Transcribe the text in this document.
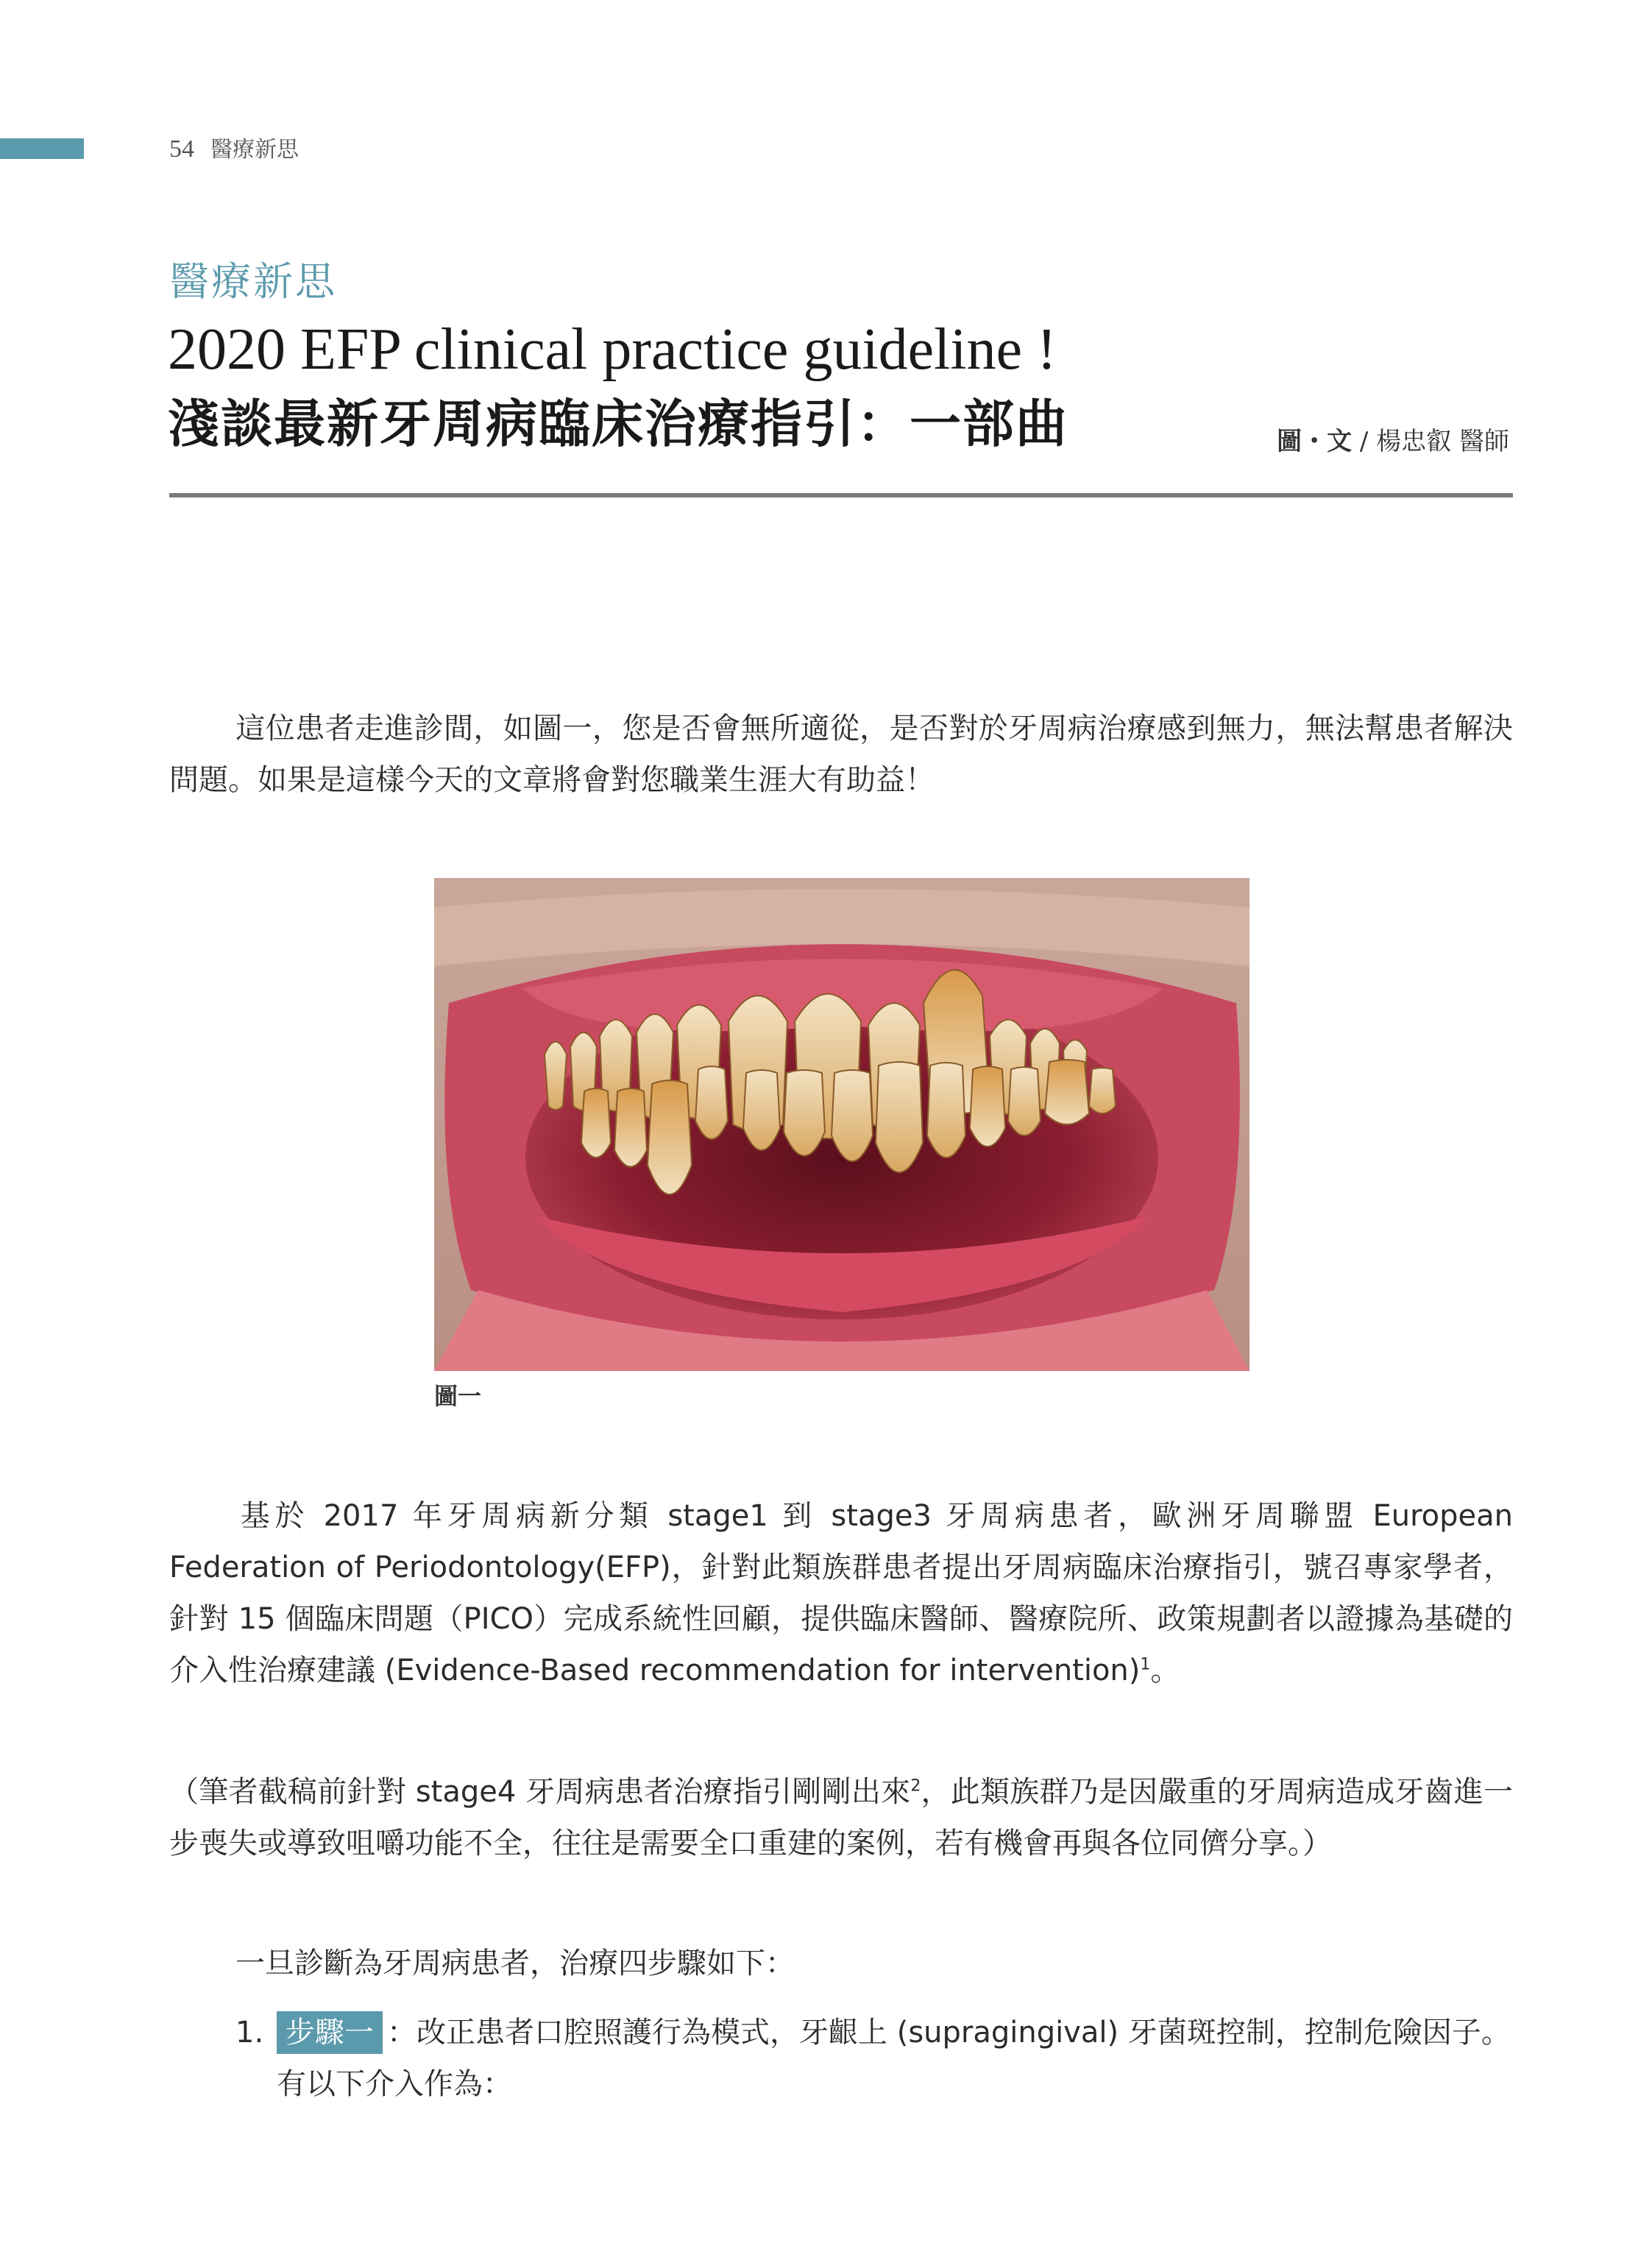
54 醫療新思
醫療新思
2020 EFP clinical practice guideline !
淺談最新牙周病臨床治療指引：一部曲	圖・文 / 楊忠叡 醫師
這位患者走進診間，如圖一，您是否會無所適從，是否對於牙周病治療感到無力，無法幫患者解決問題。如果是這樣今天的文章將會對您職業生涯大有助益！
圖一
基於 2017 年牙周病新分類 stage1 到 stage3 牙周病患者，歐洲牙周聯盟 European Federation of Periodontology(EFP)，針對此類族群患者提出牙周病臨床治療指引，號召專家學者，針對 15 個臨床問題（PICO）完成系統性回顧，提供臨床醫師、醫療院所、政策規劃者以證據為基礎的介入性治療建議 (Evidence-Based recommendation for intervention)$^1$。
（筆者截稿前針對 stage4 牙周病患者治療指引剛剛出來$^2$，此類族群乃是因嚴重的牙周病造成牙齒進一步喪失或導致咀嚼功能不全，往往是需要全口重建的案例，若有機會再與各位同儕分享。）
一旦診斷為牙周病患者，治療四步驟如下：
1. 步驟一 ：改正患者口腔照護行為模式，牙齦上 (supragingival) 牙菌斑控制，控制危險因子。有以下介入作為：
